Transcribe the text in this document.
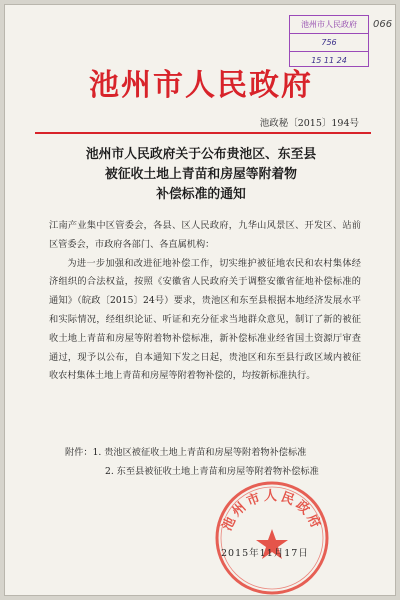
池州市人民政府
756
15 11 24
066
池州市人民政府
池政秘〔2015〕194号
池州市人民政府关于公布贵池区、东至县
被征收土地上青苗和房屋等附着物
补偿标准的通知

江南产业集中区管委会，各县、区人民政府，九华山风景区、开发区、站前区管委会，市政府各部门、各直属机构：

为进一步加强和改进征地补偿工作，切实维护被征地农民和农村集体经济组织的合法权益，按照《安徽省人民政府关于调整安徽省征地补偿标准的通知》（皖政〔2015〕24号）要求，贵池区和东至县根据本地经济发展水平和实际情况，经组织论证、听证和充分征求当地群众意见，制订了新的被征收土地上青苗和房屋等附着物补偿标准，新补偿标准业经省国土资源厅审查通过，现予以公布，自本通知下发之日起，贵池区和东至县行政区域内被征收农村集体土地上青苗和房屋等附着物补偿的，均按新标准执行。

附件：1. 贵池区被征收土地上青苗和房屋等附着物补偿标准
2. 东至县被征收土地上青苗和房屋等附着物补偿标准
池州市人民政府
2015年11月17日
